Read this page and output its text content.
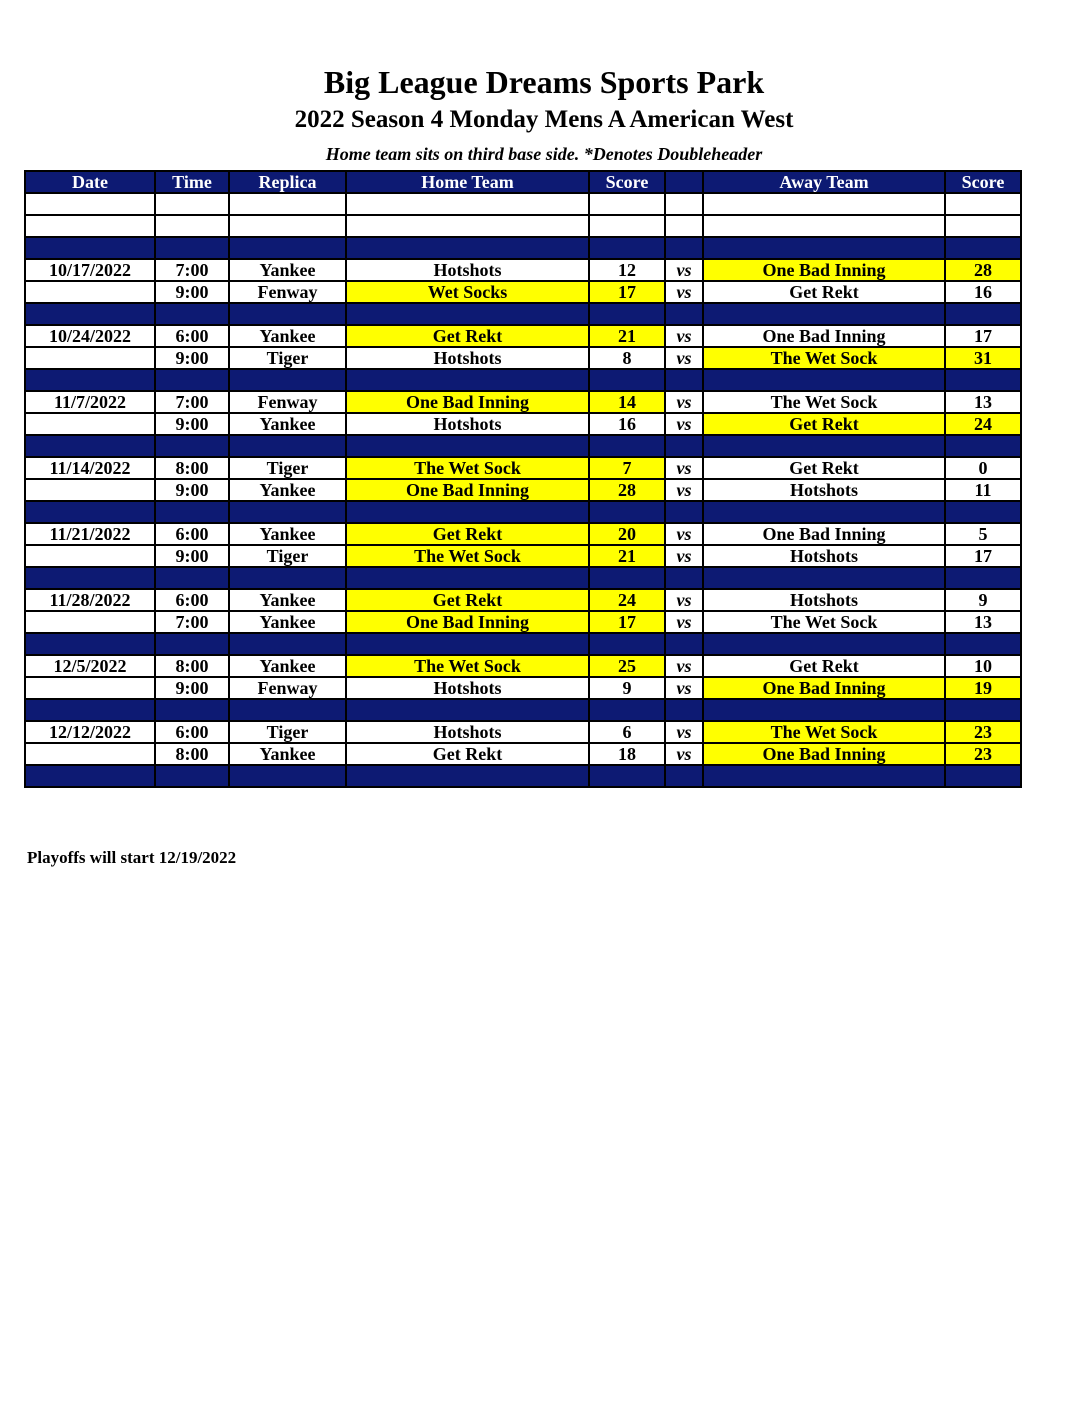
Big League Dreams Sports Park
2022 Season 4 Monday Mens A American West
Home team sits on third base side. *Denotes Doubleheader
Date	Time	Replica	Home Team	Score		Away Team	Score

10/17/2022	7:00	Yankee	Hotshots	12	vs	One Bad Inning	28
	9:00	Fenway	Wet Socks	17	vs	Get Rekt	16

10/24/2022	6:00	Yankee	Get Rekt	21	vs	One Bad Inning	17
	9:00	Tiger	Hotshots	8	vs	The Wet Sock	31

11/7/2022	7:00	Fenway	One Bad Inning	14	vs	The Wet Sock	13
	9:00	Yankee	Hotshots	16	vs	Get Rekt	24

11/14/2022	8:00	Tiger	The Wet Sock	7	vs	Get Rekt	0
	9:00	Yankee	One Bad Inning	28	vs	Hotshots	11

11/21/2022	6:00	Yankee	Get Rekt	20	vs	One Bad Inning	5
	9:00	Tiger	The Wet Sock	21	vs	Hotshots	17

11/28/2022	6:00	Yankee	Get Rekt	24	vs	Hotshots	9
	7:00	Yankee	One Bad Inning	17	vs	The Wet Sock	13

12/5/2022	8:00	Yankee	The Wet Sock	25	vs	Get Rekt	10
	9:00	Fenway	Hotshots	9	vs	One Bad Inning	19

12/12/2022	6:00	Tiger	Hotshots	6	vs	The Wet Sock	23
	8:00	Yankee	Get Rekt	18	vs	One Bad Inning	23

Playoffs will start 12/19/2022
